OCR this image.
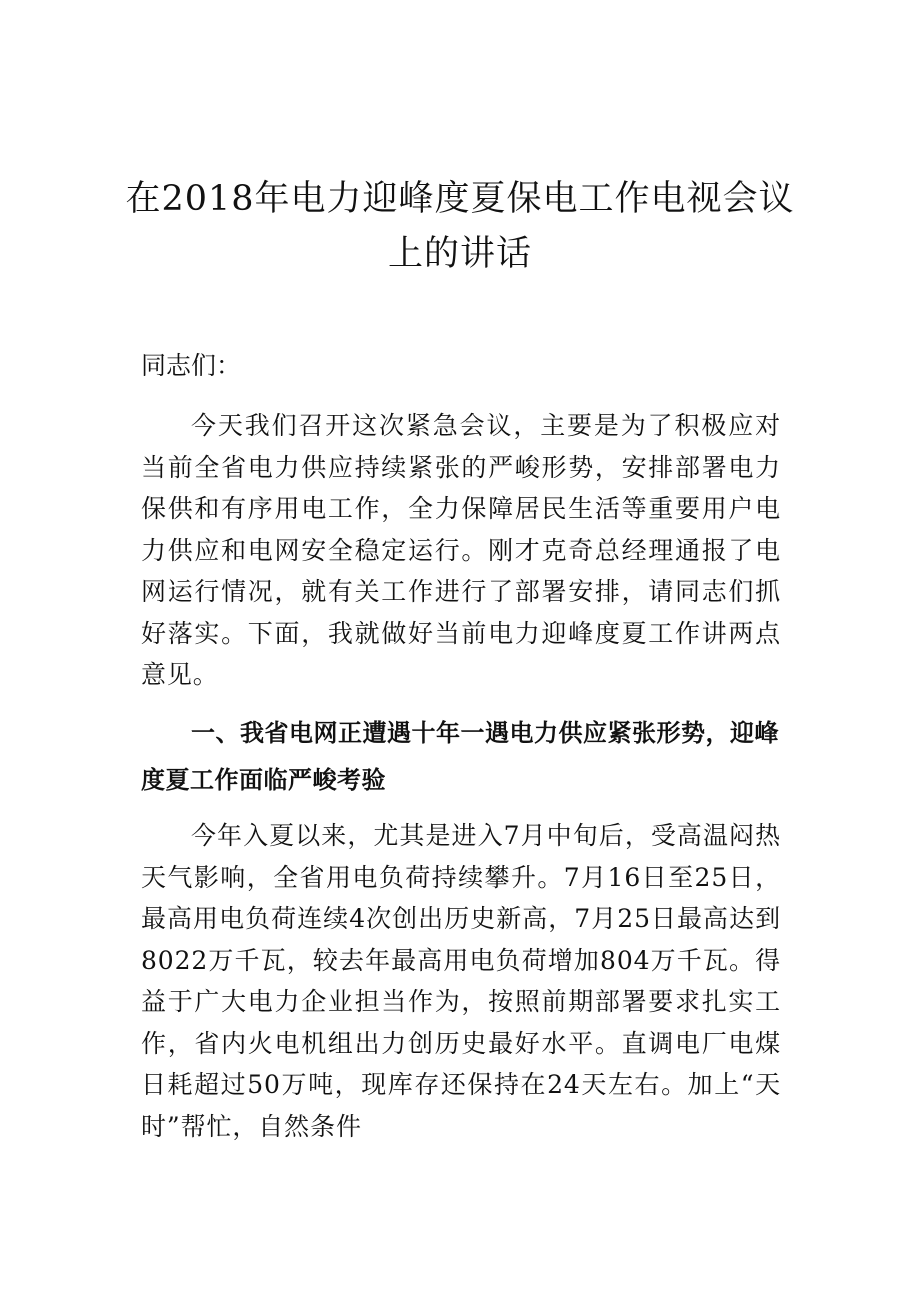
在2018年电力迎峰度夏保电工作电视会议上的讲话

同志们：

今天我们召开这次紧急会议，主要是为了积极应对当前全省电力供应持续紧张的严峻形势，安排部署电力保供和有序用电工作，全力保障居民生活等重要用户电力供应和电网安全稳定运行。刚才克奇总经理通报了电网运行情况，就有关工作进行了部署安排，请同志们抓好落实。下面，我就做好当前电力迎峰度夏工作讲两点意见。

一、我省电网正遭遇十年一遇电力供应紧张形势，迎峰度夏工作面临严峻考验

今年入夏以来，尤其是进入7月中旬后，受高温闷热天气影响，全省用电负荷持续攀升。7月16日至25日，最高用电负荷连续4次创出历史新高，7月25日最高达到8022万千瓦，较去年最高用电负荷增加804万千瓦。得益于广大电力企业担当作为，按照前期部署要求扎实工作，省内火电机组出力创历史最好水平。直调电厂电煤日耗超过50万吨，现库存还保持在24天左右。加上“天时”帮忙，自然条件
